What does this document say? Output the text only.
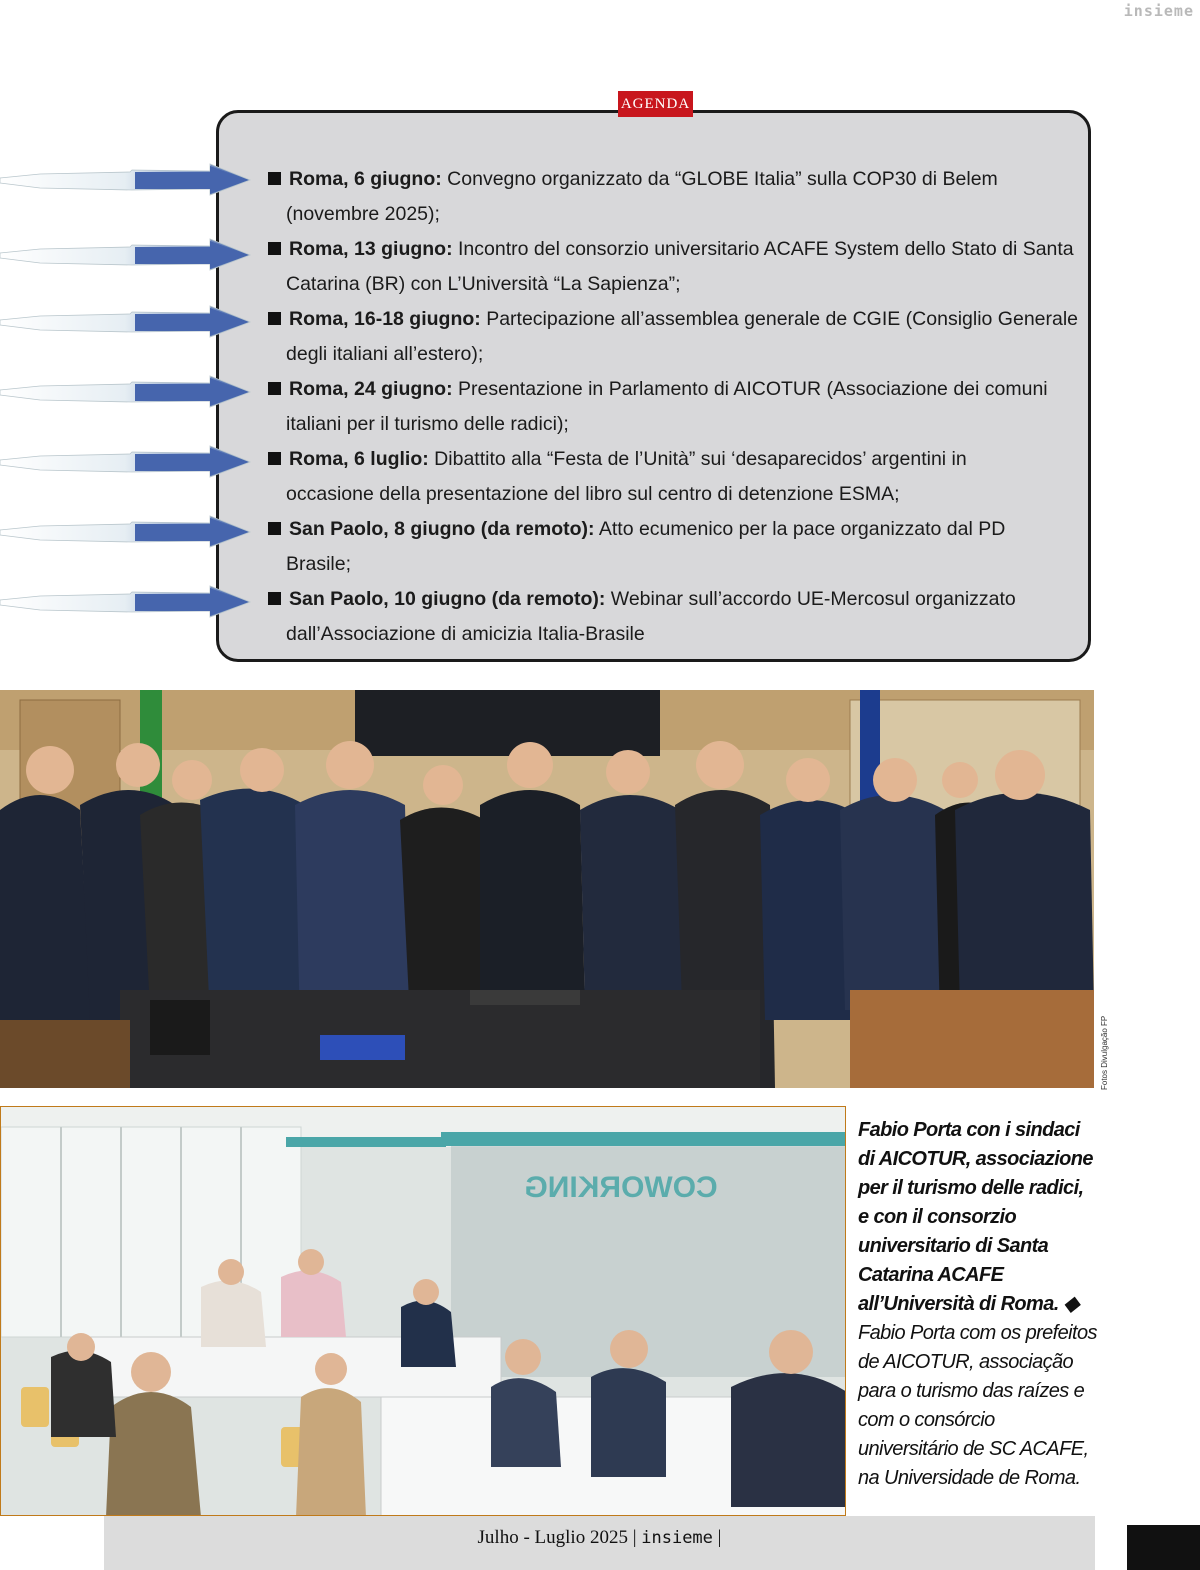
insieme
AGENDA
Roma, 6 giugno: Convegno organizzato da “GLOBE Italia” sulla COP30 di Belem
(novembre 2025);
Roma, 13 giugno: Incontro del consorzio universitario ACAFE System dello Stato di Santa
Catarina (BR) con L’Università “La Sapienza”;
Roma, 16-18 giugno: Partecipazione all’assemblea generale de CGIE (Consiglio Generale
degli italiani all’estero);
Roma, 24 giugno: Presentazione in Parlamento di AICOTUR (Associazione dei comuni
italiani per il turismo delle radici);
Roma, 6 luglio: Dibattito alla “Festa de l’Unità” sui ‘desaparecidos’ argentini in
occasione della presentazione del libro sul centro di detenzione ESMA;
San Paolo, 8 giugno (da remoto): Atto ecumenico per la pace organizzato dal PD
Brasile;
San Paolo, 10 giugno (da remoto): Webinar sull’accordo UE-Mercosul organizzato
dall’Associazione di amicizia Italia-Brasile
Fotos Divulgação FP
COWORKING
Fabio Porta con i sindaci di AICOTUR, associazione per il turismo delle radici, e con il consorzio universitario di Santa Catarina ACAFE all’Università di Roma. ◆ Fabio Porta com os prefeitos de AICOTUR, associação para o turismo das raízes e com o consórcio universitário de SC ACAFE, na Universidade de Roma.
Julho - Luglio 2025 | insieme |
